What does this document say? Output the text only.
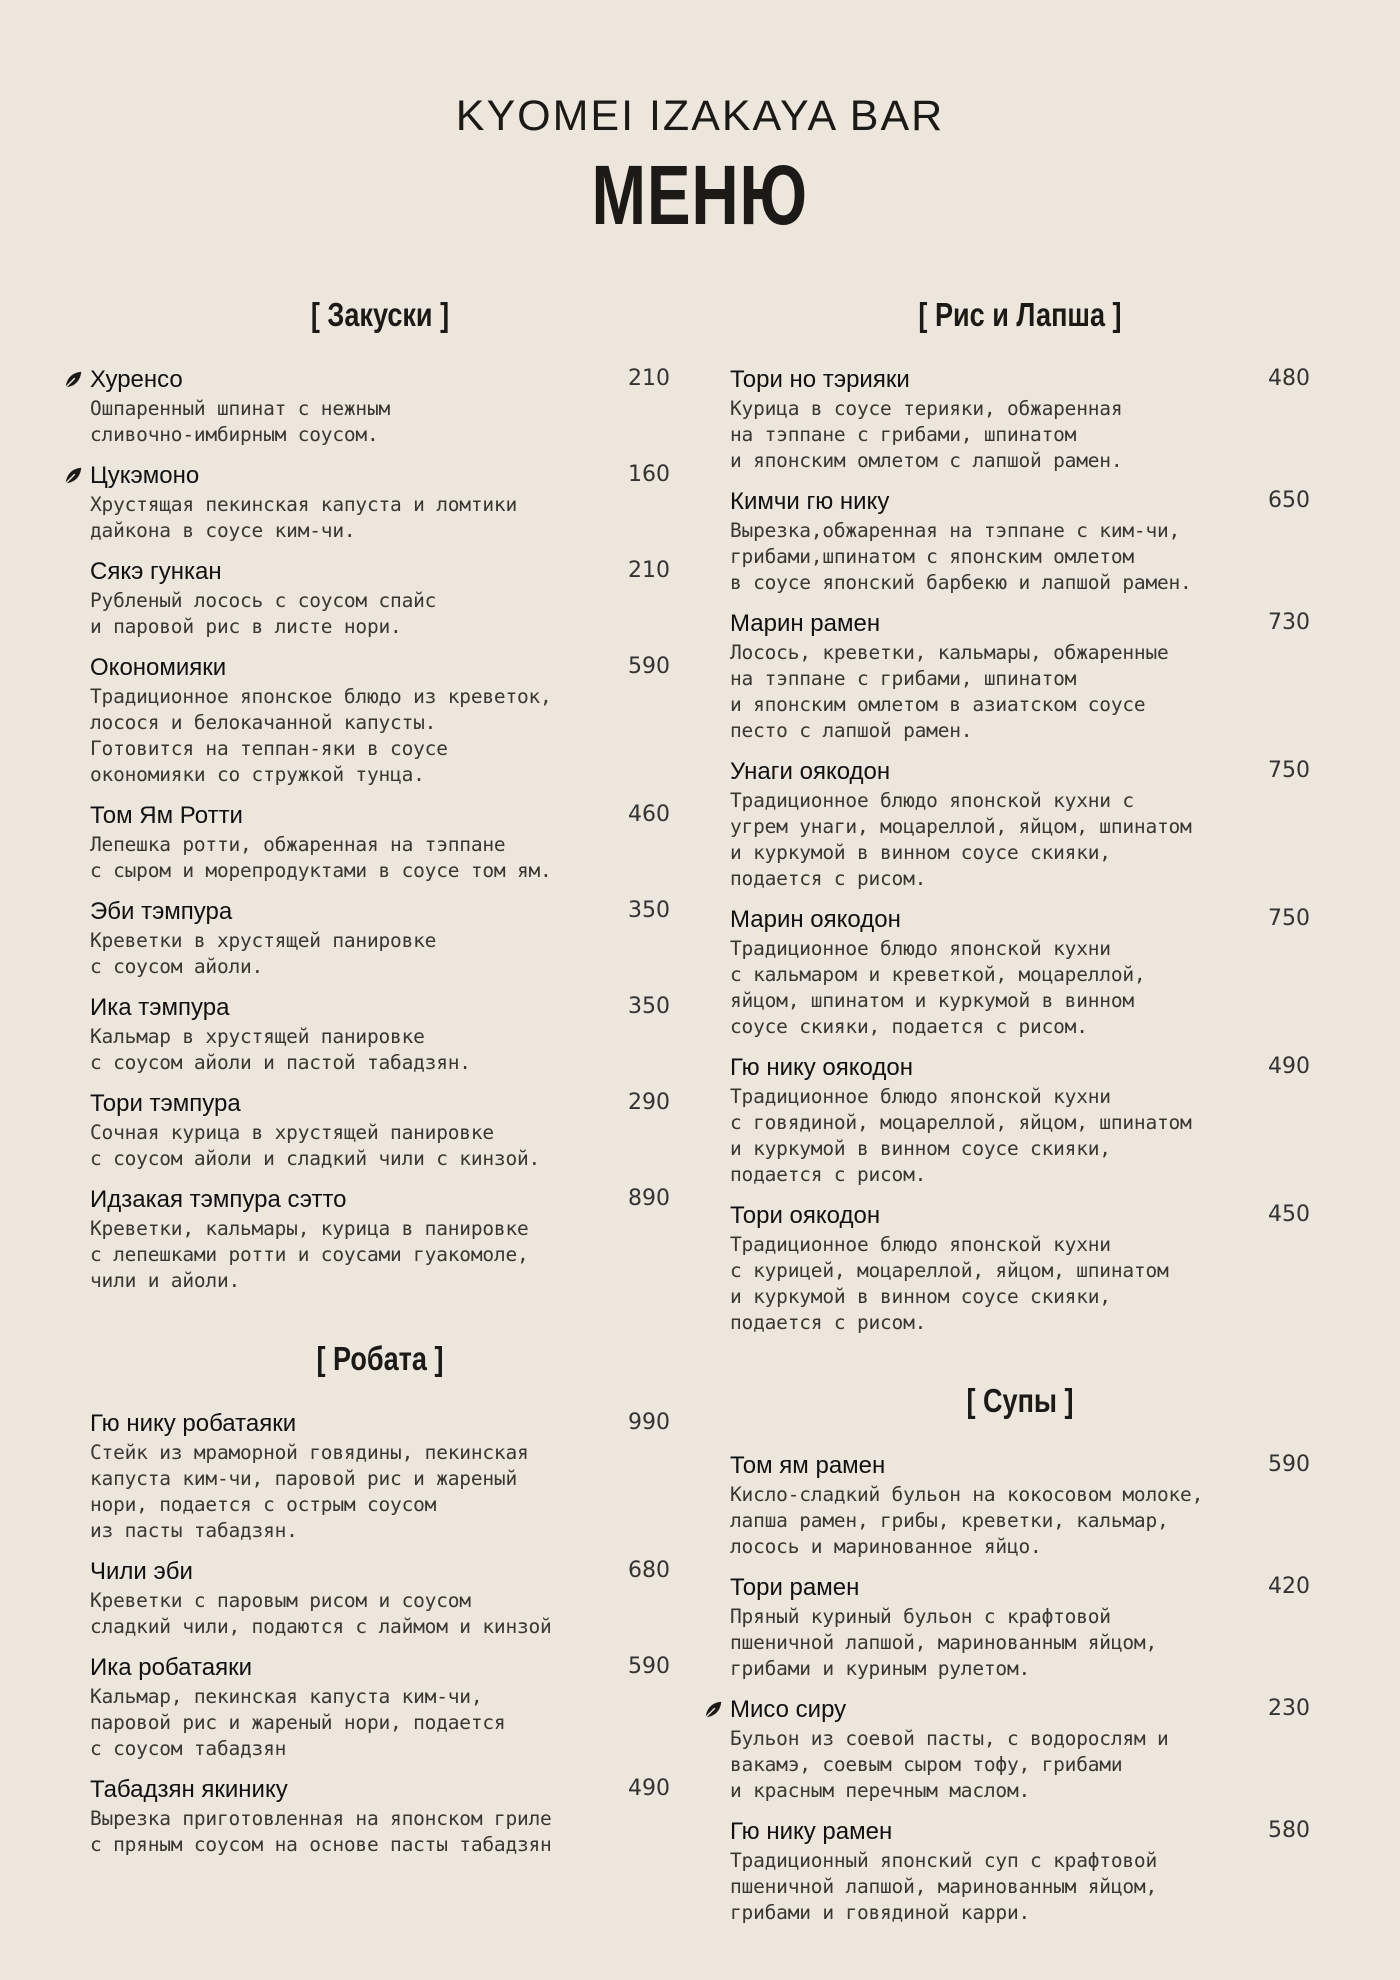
KYOMEI IZAKAYA BAR
МЕНЮ
[ Закуски ]
Хуренсо	210
Ошпаренный шпинат с нежным
сливочно-имбирным соусом.
Цукэмоно	160
Хрустящая пекинская капуста и ломтики
дайкона в соусе ким-чи.
Сякэ гункан	210
Рубленый лосось с соусом спайс
и паровой рис в листе нори.
Окономияки	590
Традиционное японское блюдо из креветок,
лосося и белокачанной капусты.
Готовится на теппан-яки в соусе
окономияки со стружкой тунца.
Том Ям Ротти	460
Лепешка ротти, обжаренная на тэппане
с сыром и морепродуктами в соусе том ям.
Эби тэмпура	350
Креветки в хрустящей панировке
с соусом айоли.
Ика тэмпура	350
Кальмар в хрустящей панировке
с соусом айоли и пастой табадзян.
Тори тэмпура	290
Сочная курица в хрустящей панировке
с соусом айоли и сладкий чили с кинзой.
Идзакая тэмпура сэтто	890
Креветки, кальмары, курица в панировке
с лепешками ротти и соусами гуакомоле,
чили и айоли.
[ Робата ]
Гю нику робатаяки	990
Стейк из мраморной говядины, пекинская
капуста ким-чи, паровой рис и жареный
нори, подается с острым соусом
из пасты табадзян.
Чили эби	680
Креветки с паровым рисом и соусом
сладкий чили, подаются с лаймом и кинзой
Ика робатаяки	590
Кальмар, пекинская капуста ким-чи,
паровой рис и жареный нори, подается
с соусом табадзян
Табадзян якинику	490
Вырезка приготовленная на японском гриле
с пряным соусом на основе пасты табадзян
[ Рис и Лапша ]
Тори но тэрияки	480
Курица в соусе терияки, обжаренная
на тэппане с грибами, шпинатом
и японским омлетом с лапшой рамен.
Кимчи гю нику	650
Вырезка,обжаренная на тэппане с ким-чи,
грибами,шпинатом с японским омлетом
в соусе японский барбекю и лапшой рамен.
Марин рамен	730
Лосось, креветки, кальмары, обжаренные
на тэппане с грибами, шпинатом
и японским омлетом в азиатском соусе
песто с лапшой рамен.
Унаги оякодон	750
Традиционное блюдо японской кухни с
угрем унаги, моцареллой, яйцом, шпинатом
и куркумой в винном соусе скияки,
подается с рисом.
Марин оякодон	750
Традиционное блюдо японской кухни
с кальмаром и креветкой, моцареллой,
яйцом, шпинатом и куркумой в винном
соусе скияки, подается с рисом.
Гю нику оякодон	490
Традиционное блюдо японской кухни
с говядиной, моцареллой, яйцом, шпинатом
и куркумой в винном соусе скияки,
подается с рисом.
Тори оякодон	450
Традиционное блюдо японской кухни
с курицей, моцареллой, яйцом, шпинатом
и куркумой в винном соусе скияки,
подается с рисом.
[ Супы ]
Том ям рамен	590
Кисло-сладкий бульон на кокосовом молоке,
лапша рамен, грибы, креветки, кальмар,
лосось и маринованное яйцо.
Тори рамен	420
Пряный куриный бульон с крафтовой
пшеничной лапшой, маринованным яйцом,
грибами и куриным рулетом.
Мисо сиру	230
Бульон из соевой пасты, с водорослям и
вакамэ, соевым сыром тофу, грибами
и красным перечным маслом.
Гю нику рамен	580
Традиционный японский суп с крафтовой
пшеничной лапшой, маринованным яйцом,
грибами и говядиной карри.
